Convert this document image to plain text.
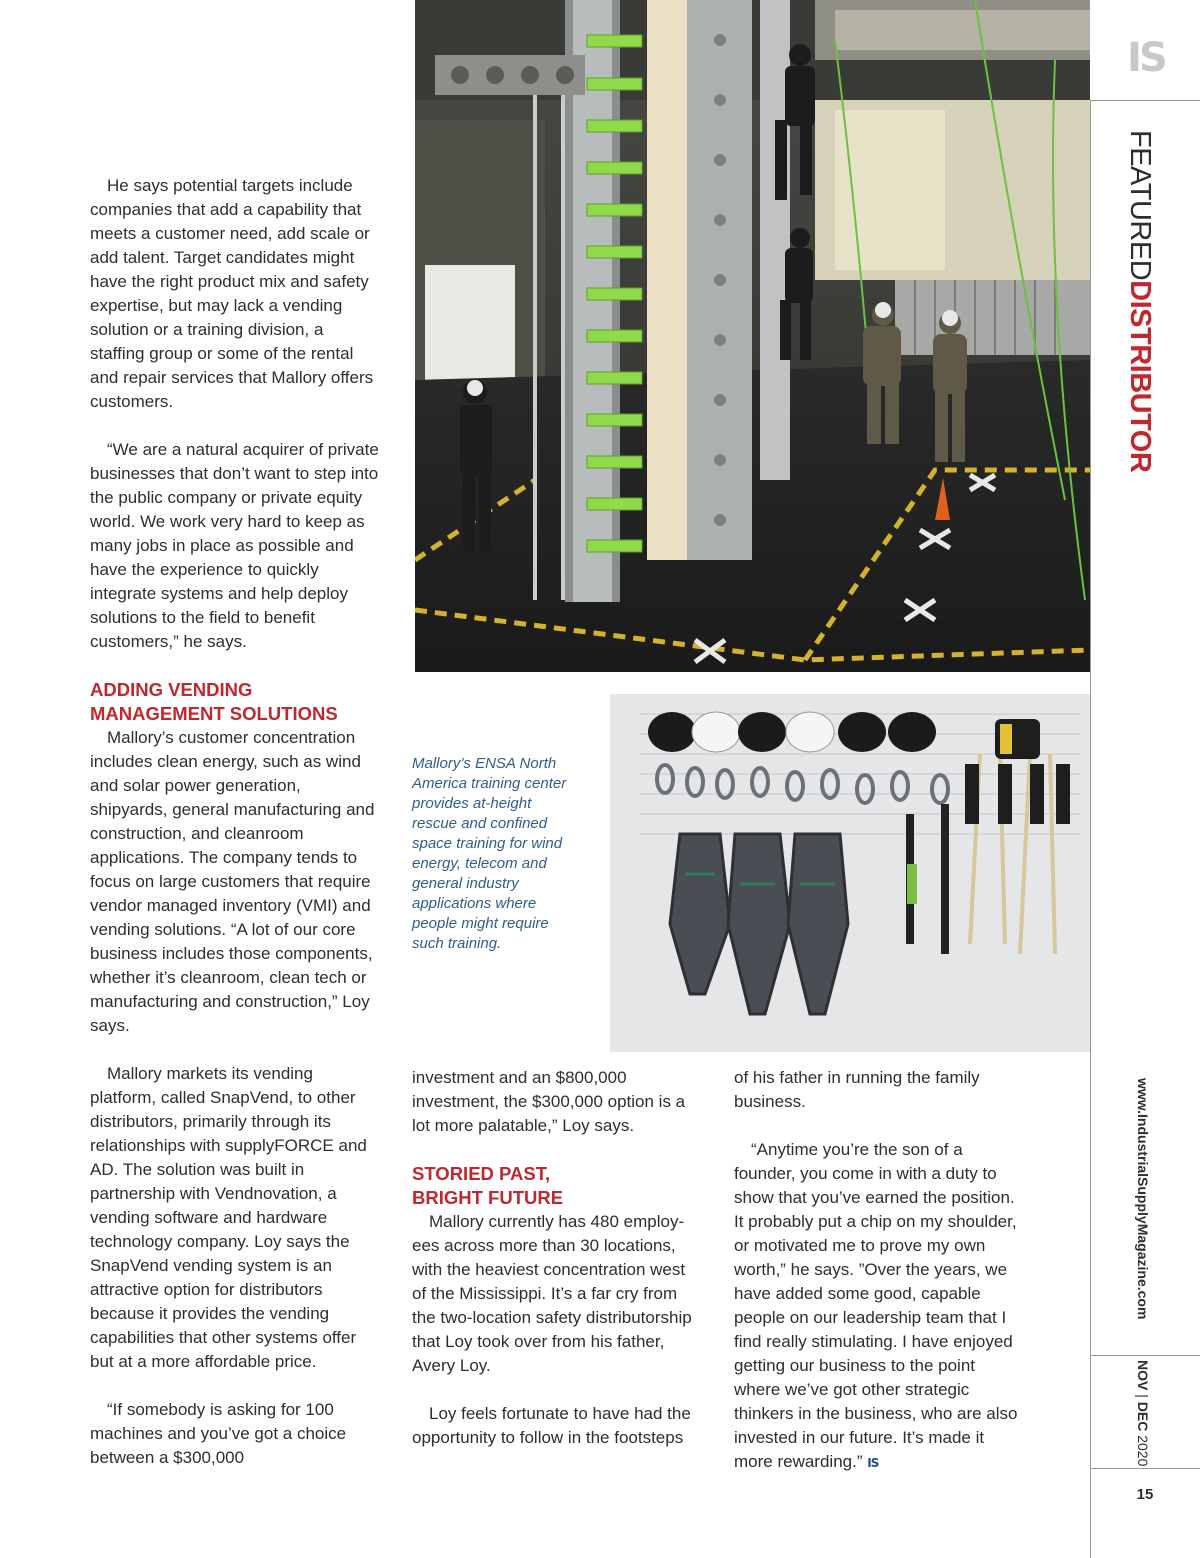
IS
FEATUREDDISTRIBUTOR
www.IndustrialSupplyMagazine.com
NOV | DEC 2020
15
Mallory’s ENSA North America training center provides at-height rescue and confined space training for wind energy, telecom and general industry applications where people might require such training.

He says potential targets include companies that add a capability that meets a customer need, add scale or add talent. Target candidates might have the right product mix and safety expertise, but may lack a vending solution or a training division, a staffing group or some of the rental and repair services that Mallory offers customers.

“We are a natural acquirer of private businesses that don’t want to step into the public company or private equity world. We work very hard to keep as many jobs in place as possible and have the experience to quickly integrate systems and help deploy solutions to the field to benefit customers,” he says.

ADDING VENDING
MANAGEMENT SOLUTIONS

Mallory’s customer concentration includes clean energy, such as wind and solar power generation, shipyards, general manufacturing and construction, and cleanroom applications. The company tends to focus on large customers that require vendor managed inventory (VMI) and vending solutions. “A lot of our core business includes those components, whether it’s cleanroom, clean tech or manufacturing and construction,” Loy says.

Mallory markets its vending platform, called SnapVend, to other distributors, primarily through its relationships with supplyFORCE and AD. The solution was built in partnership with Vendnovation, a vending software and hardware technology company. Loy says the SnapVend vending system is an attractive option for distributors because it provides the vending capabilities that other systems offer but at a more affordable price.

“If somebody is asking for 100 machines and you’ve got a choice between a $300,000

investment and an $800,000 investment, the $300,000 option is a lot more palatable,” Loy says.

STORIED PAST,
BRIGHT FUTURE

Mallory currently has 480 employ-ees across more than 30 locations, with the heaviest concentration west of the Mississippi. It’s a far cry from the two-location safety distributorship that Loy took over from his father, Avery Loy.

Loy feels fortunate to have had the opportunity to follow in the footsteps

of his father in running the family business.

“Anytime you’re the son of a founder, you come in with a duty to show that you’ve earned the position. It probably put a chip on my shoulder, or motivated me to prove my own worth,” he says. ”Over the years, we have added some good, capable people on our leadership team that I find really stimulating. I have enjoyed getting our business to the point where we’ve got other strategic thinkers in the business, who are also invested in our future. It’s made it more rewarding.” IS
